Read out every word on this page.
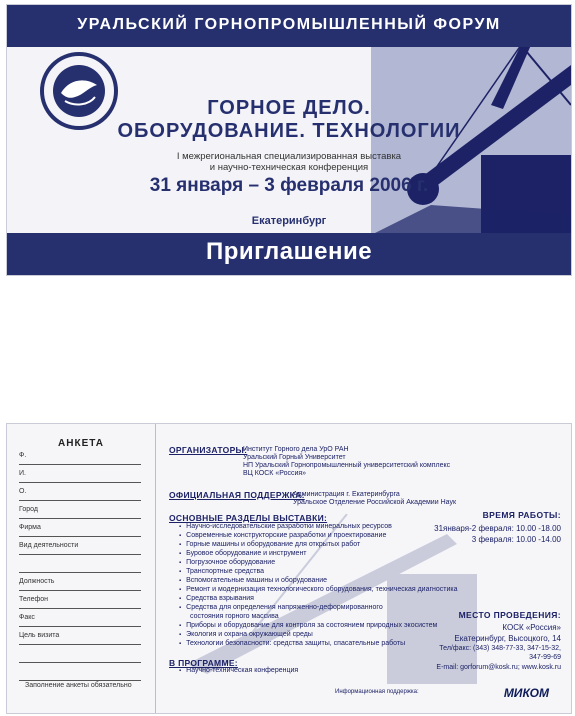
УРАЛЬСКИЙ ГОРНОПРОМЫШЛЕННЫЙ ФОРУМ
ГОРНОЕ ДЕЛО.
ОБОРУДОВАНИЕ. ТЕХНОЛОГИИ
I межрегиональная специализированная выставка
и научно-техническая конференция
31 января – 3 февраля 2006 г.
Екатеринбург
Приглашение
АНКЕТА
Ф.
И.
О.
Город
Фирма
Вид деятельности
Должность
Телефон
Факс
Цель визита
Заполнение анкеты обязательно
ОРГАНИЗАТОРЫ:
Институт Горного дела УрО РАН
Уральский Горный Университет
НП Уральский Горнопромышленный университетский комплекс
ВЦ КОСК «Россия»
ОФИЦИАЛЬНАЯ ПОДДЕРЖКА:
Администрация г. Екатеринбурга
Уральское Отделение Российской Академии Наук
ОСНОВНЫЕ РАЗДЕЛЫ ВЫСТАВКИ:
▪ Научно-исследовательские разработки минеральных ресурсов
▪ Современные конструкторские разработки и проектирование
▪ Горные машины и оборудование для открытых работ
▪ Буровое оборудование и инструмент
▪ Погрузочное оборудование
▪ Транспортные средства
▪ Вспомогательные машины и оборудование
▪ Ремонт и модернизация технологического оборудования, техническая диагностика
▪ Средства взрывания
▪ Средства для определения напряженно-деформированного
состояния горного массива
▪ Приборы и оборудование для контроля за состоянием природных экосистем
▪ Экология и охрана окружающей среды
▪ Технологии безопасности: средства защиты, спасательные работы
В ПРОГРАММЕ:
▪ Научно-техническая конференция
ВРЕМЯ РАБОТЫ:
31января-2 февраля: 10.00 -18.00
3 февраля: 10.00 -14.00
МЕСТО ПРОВЕДЕНИЯ:
КОСК «Россия»
Екатеринбург, Высоцкого, 14
Тел/факс: (343) 348-77-33, 347-15-32,
347-99-69
E-mail: gorforum@kosk.ru; www.kosk.ru
Информационная поддержка:	МИКОМ
